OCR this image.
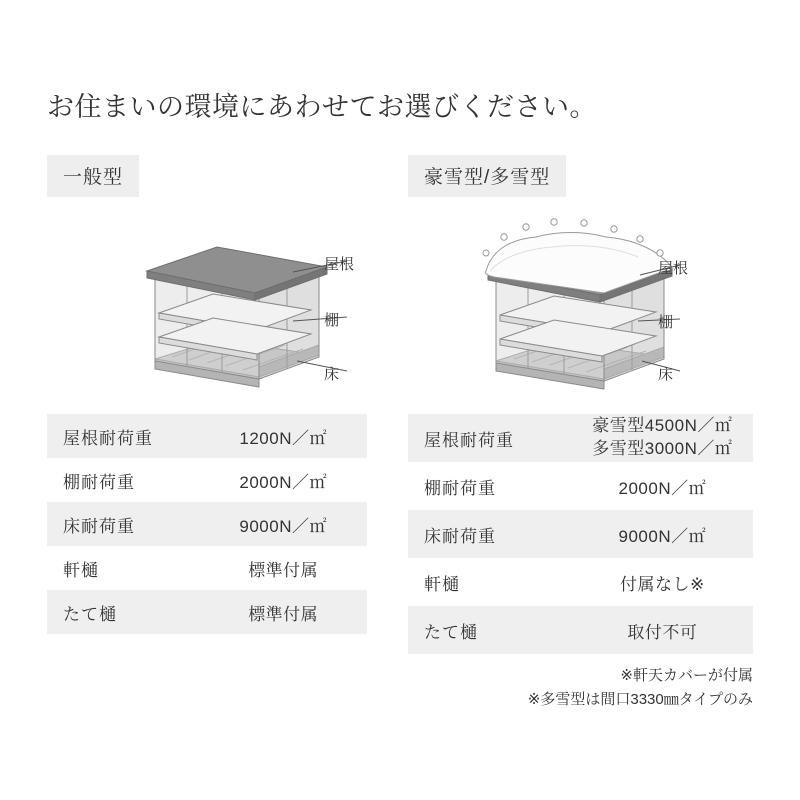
お住まいの環境にあわせてお選びください。
一般型
屋根
棚
床
屋根耐荷重	1200N／㎡
棚耐荷重	2000N／㎡
床耐荷重	9000N／㎡
軒樋	標準付属
たて樋	標準付属
豪雪型/多雪型
屋根
棚
床
屋根耐荷重	豪雪型4500N／㎡
多雪型3000N／㎡

棚耐荷重	2000N／㎡
床耐荷重	9000N／㎡
軒樋	付属なし※
たて樋	取付不可
※軒天カバーが付属
※多雪型は間口3330㎜タイプのみ
